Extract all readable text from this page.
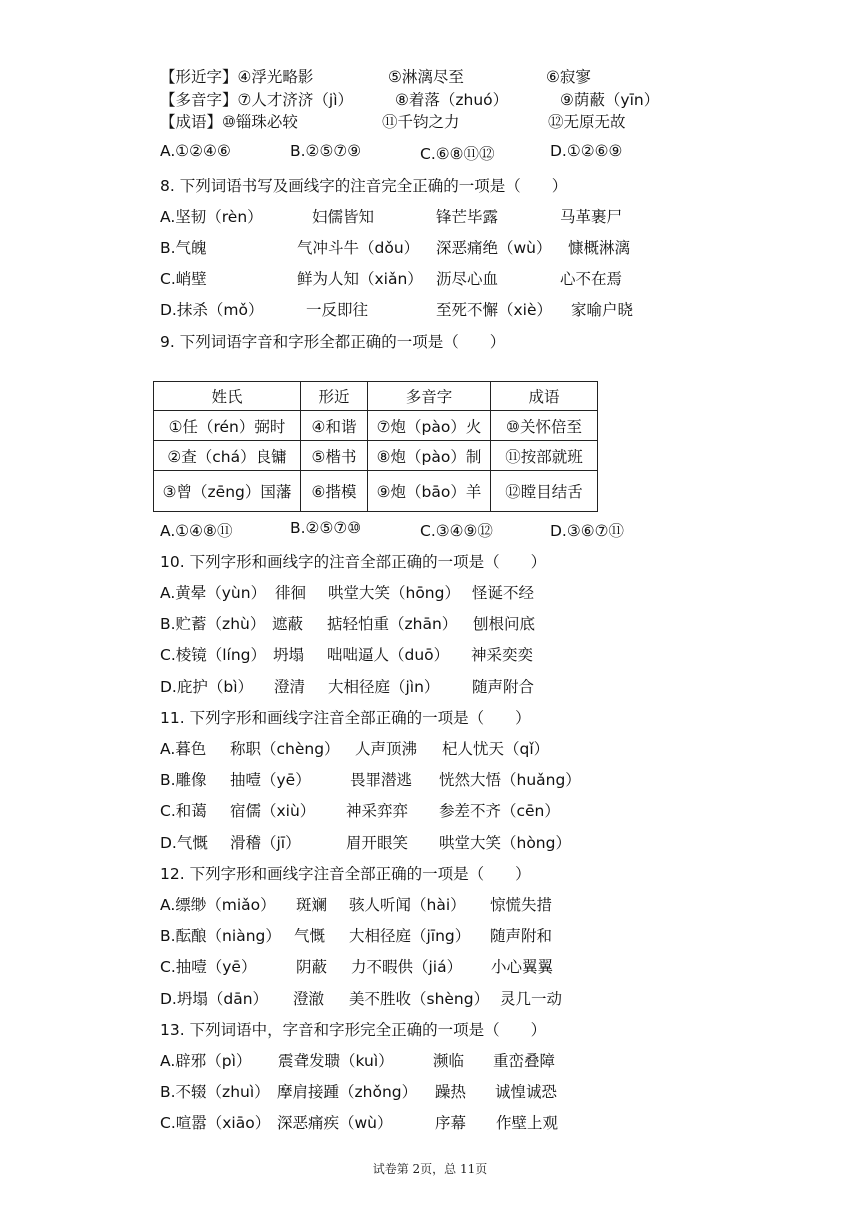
【形近字】④浮光略影	⑤淋漓尽至	⑥寂寥
【多音字】⑦人才济济（jì）	⑧着落（zhuó）	⑨荫蔽（yīn）
【成语】⑩锱珠必较	⑪千钧之力	⑫无原无故
A.①②④⑥	B.②⑤⑦⑨	C.⑥⑧⑪⑫	D.①②⑥⑨
8. 下列词语书写及画线字的注音完全正确的一项是（　　）
A.坚韧（rèn）	妇儒皆知	锋芒毕露	马革裹尸
B.气魄	气冲斗牛（dǒu） 深恶痛绝（wù） 慷概淋漓
C.峭壁	鲜为人知（xiǎn） 沥尽心血	心不在焉
D.抹杀（mǒ）	一反即往	至死不懈（xiè） 家喻户晓
9. 下列词语字音和字形全都正确的一项是（　　）
姓氏	形近	多音字	成语
①任（rén）弼时	④和谐	⑦炮（pào）火	⑩关怀倍至
②查（chá）良镛	⑤楷书	⑧炮（pào）制	⑪按部就班
③曾（zēng）国藩	⑥揩模	⑨炮（bāo）羊	⑫瞠目结舌
A.①④⑧⑪	B.②⑤⑦⑩	C.③④⑨⑫	D.③⑥⑦⑪
10. 下列字形和画线字的注音全部正确的一项是（　　）
A.黄晕（yùn） 徘徊 哄堂大笑（hōng） 怪诞不经
B.贮蓄（zhù） 遮蔽 掂轻怕重（zhān） 刨根问底
C.棱镜（líng） 坍塌 咄咄逼人（duō） 神采奕奕
D.庇护（bì） 澄清 大相径庭（jìn） 随声附合
11. 下列字形和画线字注音全部正确的一项是（　　）
A.暮色 称职（chèng） 人声顶沸 杞人忧天（qǐ）
B.雕像 抽噎（yē）	畏罪潜逃 恍然大悟（huǎng）
C.和蔼 宿儒（xiù） 神采弈弈 参差不齐（cēn）
D.气慨 滑稽（jī）	眉开眼笑 哄堂大笑（hòng）
12. 下列字形和画线字注音全部正确的一项是（　　）
A.缥缈（miǎo） 斑斓 骇人听闻（hài） 惊慌失措
B.酝酿（niàng） 气慨 大相径庭（jīng） 随声附和
C.抽噎（yē）	阴蔽 力不暇供（jiá） 小心翼翼
D.坍塌（dān） 澄澈 美不胜收（shèng） 灵几一动
13. 下列词语中，字音和字形完全正确的一项是（　　）
A.辟邪（pì） 震聋发聩（kuì）	濒临 重峦叠障
B.不辍（zhuì） 摩肩接踵（zhǒng） 躁热 诚惶诚恐
C.喧嚣（xiāo） 深恶痛疾（wù）	序幕 作壁上观
试卷第 2页，总 11页
